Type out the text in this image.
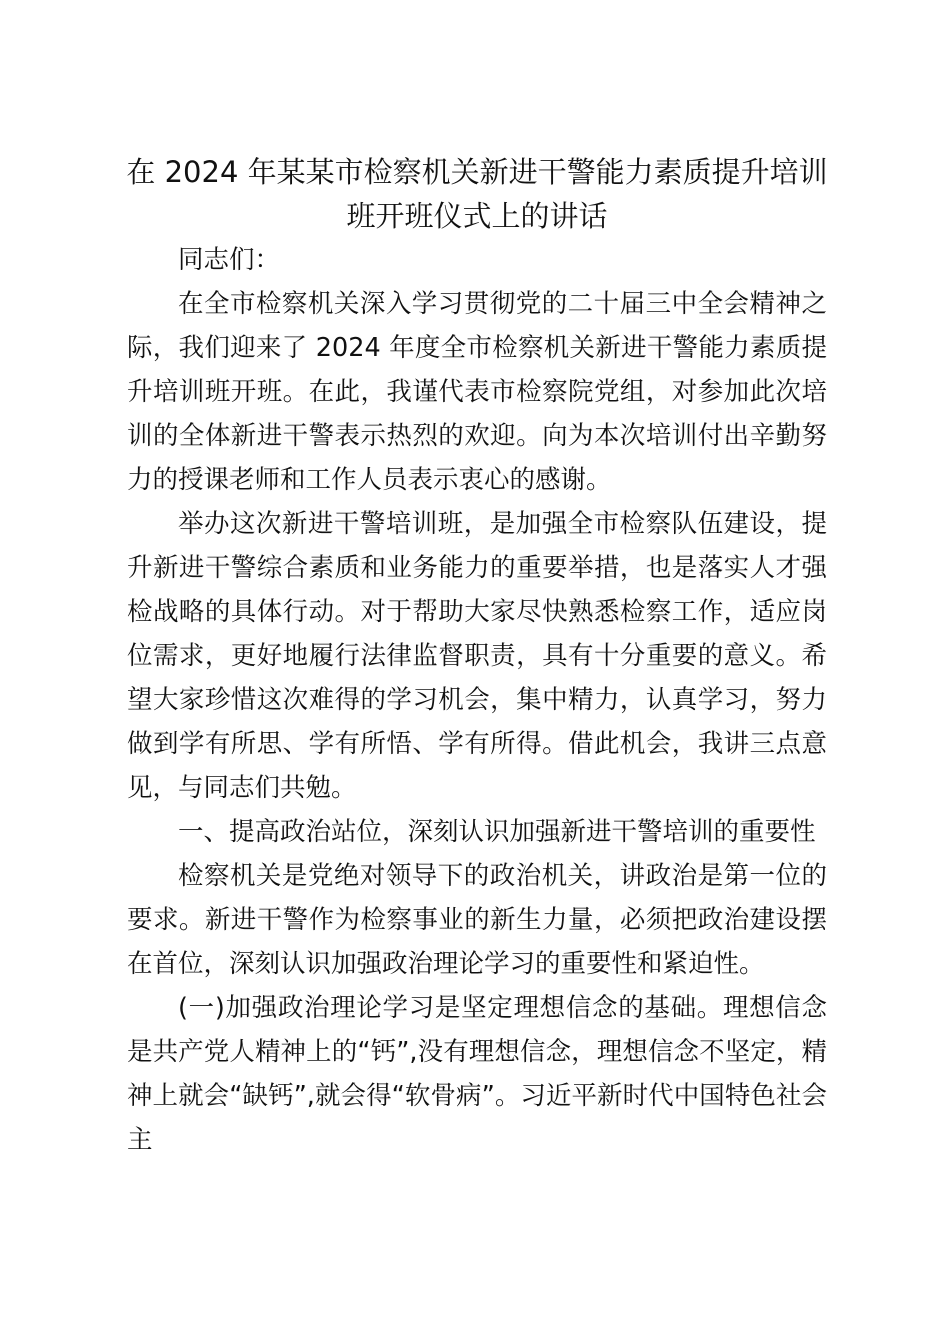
在 2024 年某某市检察机关新进干警能力素质提升培训
班开班仪式上的讲话

同志们：

在全市检察机关深入学习贯彻党的二十届三中全会精神之际，我们迎来了 2024 年度全市检察机关新进干警能力素质提升培训班开班。在此，我谨代表市检察院党组，对参加此次培训的全体新进干警表示热烈的欢迎。向为本次培训付出辛勤努力的授课老师和工作人员表示衷心的感谢。

举办这次新进干警培训班，是加强全市检察队伍建设，提升新进干警综合素质和业务能力的重要举措，也是落实人才强检战略的具体行动。对于帮助大家尽快熟悉检察工作，适应岗位需求，更好地履行法律监督职责，具有十分重要的意义。希望大家珍惜这次难得的学习机会，集中精力，认真学习，努力做到学有所思、学有所悟、学有所得。借此机会，我讲三点意见，与同志们共勉。

一、提高政治站位，深刻认识加强新进干警培训的重要性

检察机关是党绝对领导下的政治机关，讲政治是第一位的要求。新进干警作为检察事业的新生力量，必须把政治建设摆在首位，深刻认识加强政治理论学习的重要性和紧迫性。

(一)加强政治理论学习是坚定理想信念的基础。理想信念是共产党人精神上的“钙”,没有理想信念，理想信念不坚定，精神上就会“缺钙”,就会得“软骨病”。习近平新时代中国特色社会主
